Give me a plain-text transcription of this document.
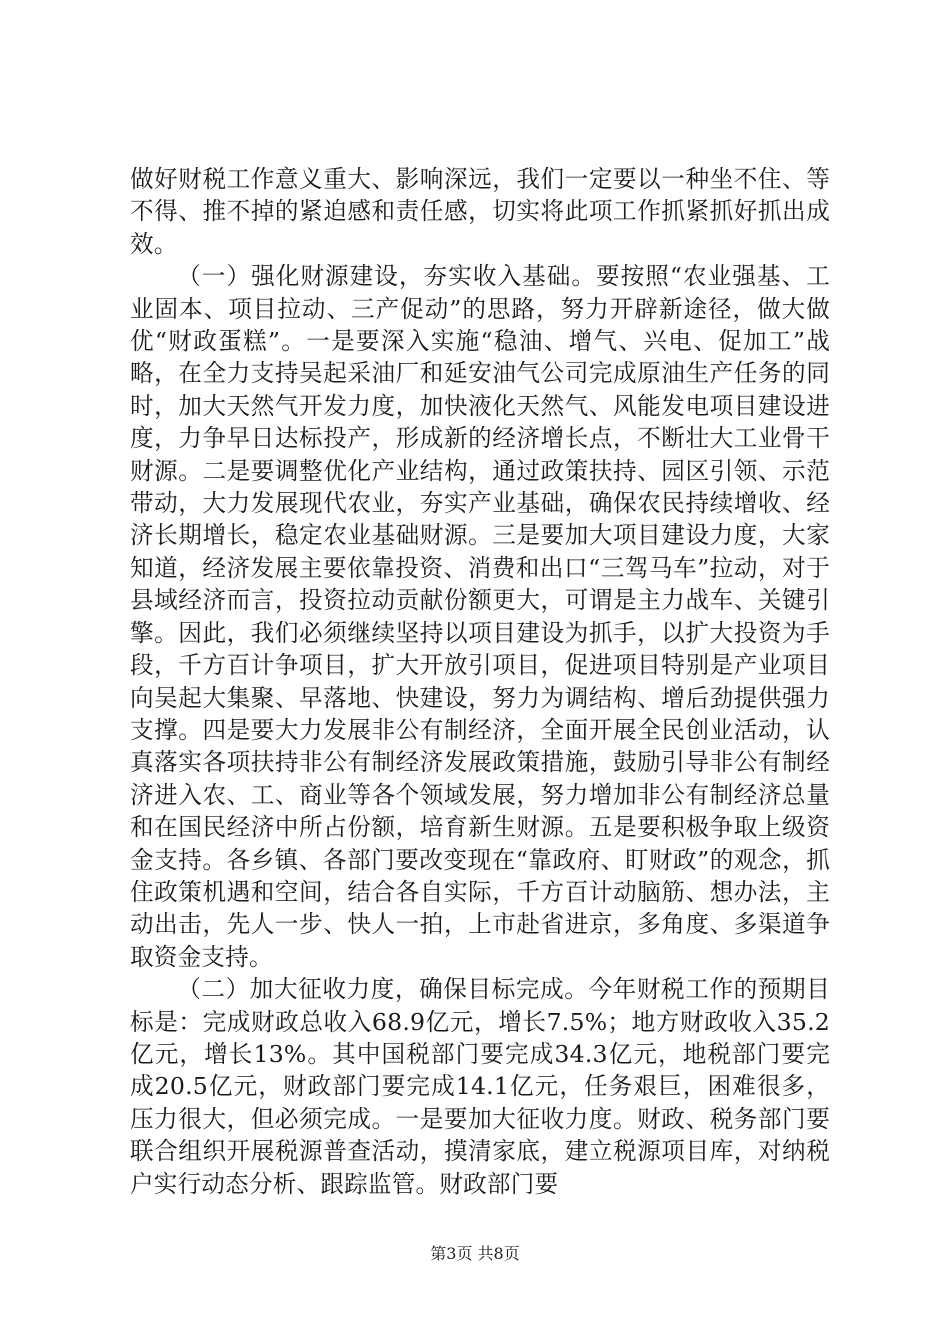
做好财税工作意义重大、影响深远，我们一定要以一种坐不住、等不得、推不掉的紧迫感和责任感，切实将此项工作抓紧抓好抓出成效。

（一）强化财源建设，夯实收入基础。要按照“农业强基、工业固本、项目拉动、三产促动”的思路，努力开辟新途径，做大做优“财政蛋糕”。一是要深入实施“稳油、增气、兴电、促加工”战略，在全力支持吴起采油厂和延安油气公司完成原油生产任务的同时，加大天然气开发力度，加快液化天然气、风能发电项目建设进度，力争早日达标投产，形成新的经济增长点，不断壮大工业骨干财源。二是要调整优化产业结构，通过政策扶持、园区引领、示范带动，大力发展现代农业，夯实产业基础，确保农民持续增收、经济长期增长，稳定农业基础财源。三是要加大项目建设力度，大家知道，经济发展主要依靠投资、消费和出口“三驾马车”拉动，对于县域经济而言，投资拉动贡献份额更大，可谓是主力战车、关键引擎。因此，我们必须继续坚持以项目建设为抓手，以扩大投资为手段，千方百计争项目，扩大开放引项目，促进项目特别是产业项目向吴起大集聚、早落地、快建设，努力为调结构、增后劲提供强力支撑。四是要大力发展非公有制经济，全面开展全民创业活动，认真落实各项扶持非公有制经济发展政策措施，鼓励引导非公有制经济进入农、工、商业等各个领域发展，努力增加非公有制经济总量和在国民经济中所占份额，培育新生财源。五是要积极争取上级资金支持。各乡镇、各部门要改变现在“靠政府、盯财政”的观念，抓住政策机遇和空间，结合各自实际，千方百计动脑筋、想办法，主动出击，先人一步、快人一拍，上市赴省进京，多角度、多渠道争取资金支持。

（二）加大征收力度，确保目标完成。今年财税工作的预期目标是：完成财政总收入68.9亿元，增长7.5%；地方财政收入35.2亿元，增长13%。其中国税部门要完成34.3亿元，地税部门要完成20.5亿元，财政部门要完成14.1亿元，任务艰巨，困难很多，压力很大，但必须完成。一是要加大征收力度。财政、税务部门要联合组织开展税源普查活动，摸清家底，建立税源项目库，对纳税户实行动态分析、跟踪监管。财政部门要

第3页 共8页
